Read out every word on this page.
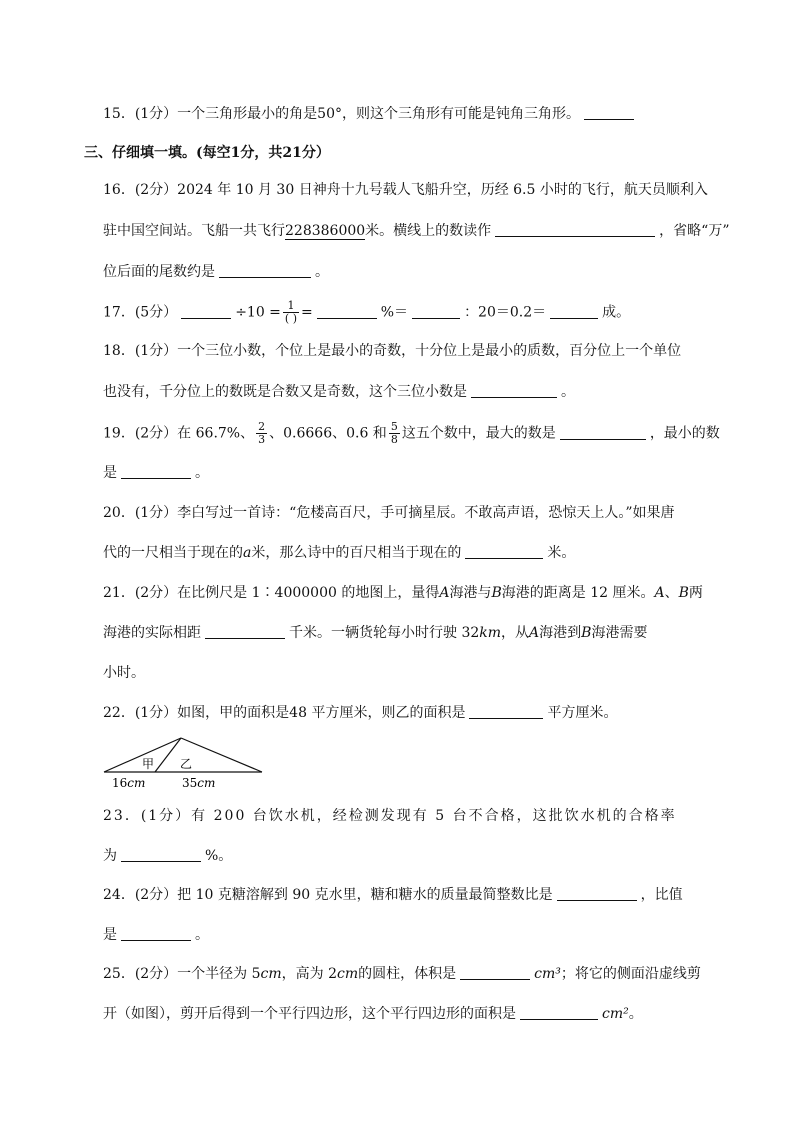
15．(1分）一个三角形最小的角是50°，则这个三角形有可能是钝角三角形。
三、仔细填一填。(每空1分，共21分）
16．(2分）2024 年 10 月 30 日神舟十九号载人飞船升空，历经 6.5 小时的飞行，航天员顺利入
驻中国空间站。飞船一共飞行228386000米。横线上的数读作	，省略“万”
位后面的尾数约是	。
17．(5分）	$\div 10 = \frac{1}{( )}$ =	%＝	：20＝0.2＝	成。
18．(1分）一个三位小数，个位上是最小的奇数，十分位上是最小的质数，百分位上一个单位
也没有，千分位上的数既是合数又是奇数，这个三位小数是	。
19．(2分）在 66.7%、 $\frac{2}{3}$ 、0.6666、0.6 和 $\frac{5}{8}$ 这五个数中，最大的数是	，最小的数
是	。
20．(1分）李白写过一首诗：“危楼高百尺，手可摘星辰。不敢高声语，恐惊天上人。”如果唐
代的一尺相当于现在的a米，那么诗中的百尺相当于现在的	米。
21．(2分）在比例尺是 1∶4000000 的地图上，量得A海港与B海港的距离是 12 厘米。A、B两
海港的实际相距	千米。一辆货轮每小时行驶 32km，从A海港到B海港需要
小时。
22．(1分）如图，甲的面积是48 平方厘米，则乙的面积是	平方厘米。
甲 乙
16cm	35cm
23．(1分）有 200 台饮水机，经检测发现有 5 台不合格，这批饮水机的合格率
为	%。
24．(2分）把 10 克糖溶解到 90 克水里，糖和糖水的质量最简整数比是	，比值
是	。
25．(2分）一个半径为 5cm，高为 2cm的圆柱，体积是	cm³；将它的侧面沿虚线剪
开（如图），剪开后得到一个平行四边形，这个平行四边形的面积是	cm²。
